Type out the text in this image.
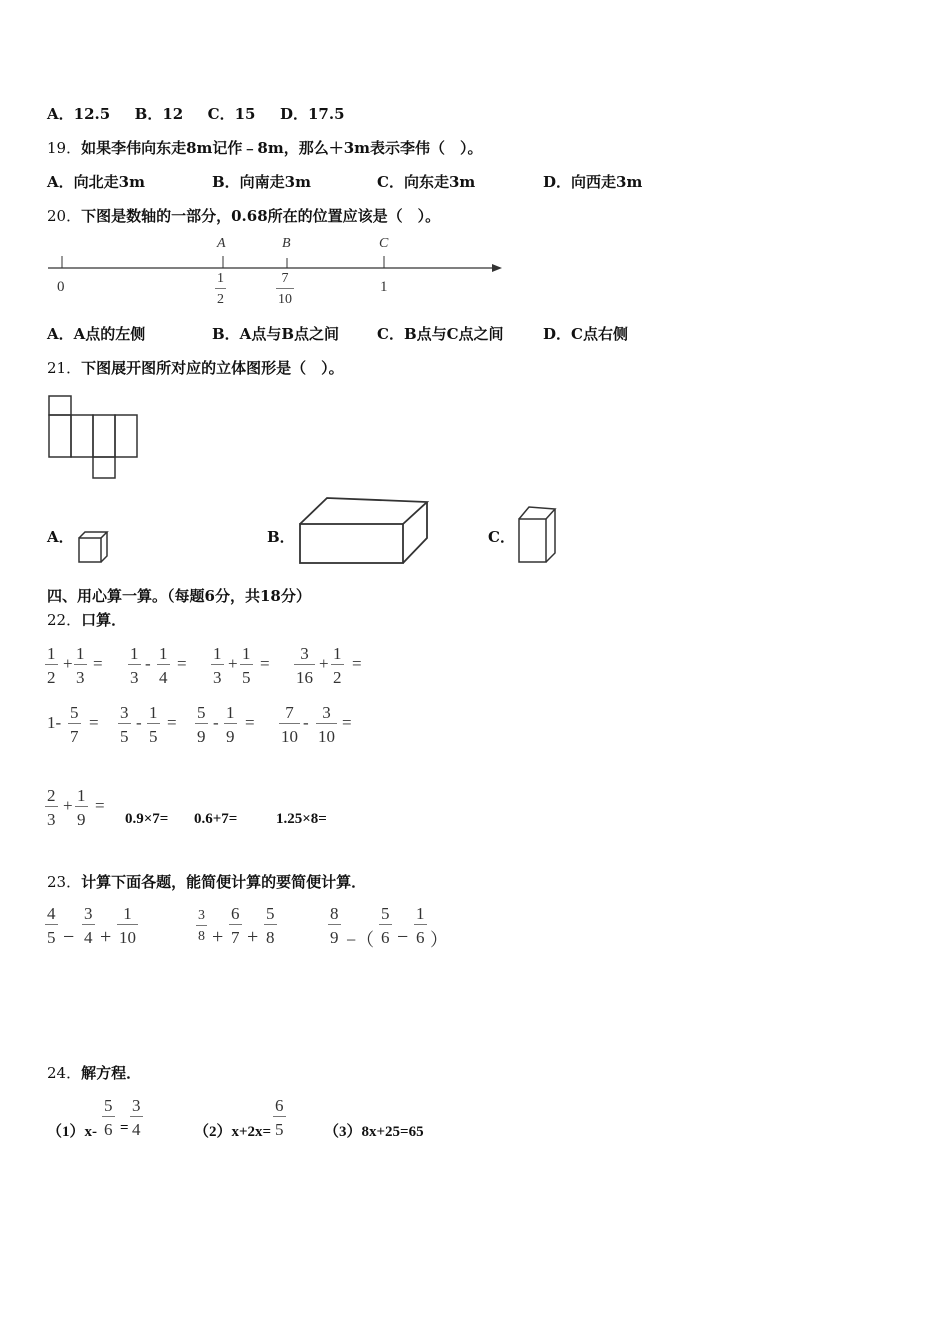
A．12.5 B．12 C．15 D．17.5
19．如果李伟向东走8m记作﹣8m，那么＋3m表示李伟（　）。
A．向北走3m	B．向南走3m	C．向东走3m	D．向西走3m
20．下图是数轴的一部分，0.68所在的位置应该是（　）。
A	B	C
0	$\frac{1}{2}$	$\frac{7}{10}$	1
A．A点的左侧	B．A点与B点之间	C．B点与C点之间	D．C点右侧
21．下图展开图所对应的立体图形是（　）。
A．	B．	C．
四、用心算一算。（每题6分，共18分）
22．口算．
$\frac{1}{2} + \frac{1}{3} = \frac{1}{3} - \frac{1}{4} = \frac{1}{3} + \frac{1}{5} = \frac{3}{16} + \frac{1}{2}$ =
$1- \frac{5}{7} = \frac{3}{5} - \frac{1}{5} = \frac{5}{9} - \frac{1}{9} = \frac{7}{10} - \frac{3}{10}$ =
$\frac{2}{3} + \frac{1}{9}$ =
0.9×7= 0.6+7=	1.25×8=
23．计算下面各题，能简便计算的要简便计算．
$\frac{4}{5} - \frac{3}{4} + \frac{1}{10}$	$\frac{3}{8} + \frac{6}{7} + \frac{5}{8}$	$\frac{8}{9}$ −（ $\frac{5}{6} - \frac{1}{6}$ ）
24．解方程．
$(1)x- \frac{5}{6} = \frac{3}{4}$	$(2)x+2x= \frac{6}{5}$	（3）8x+25=65
